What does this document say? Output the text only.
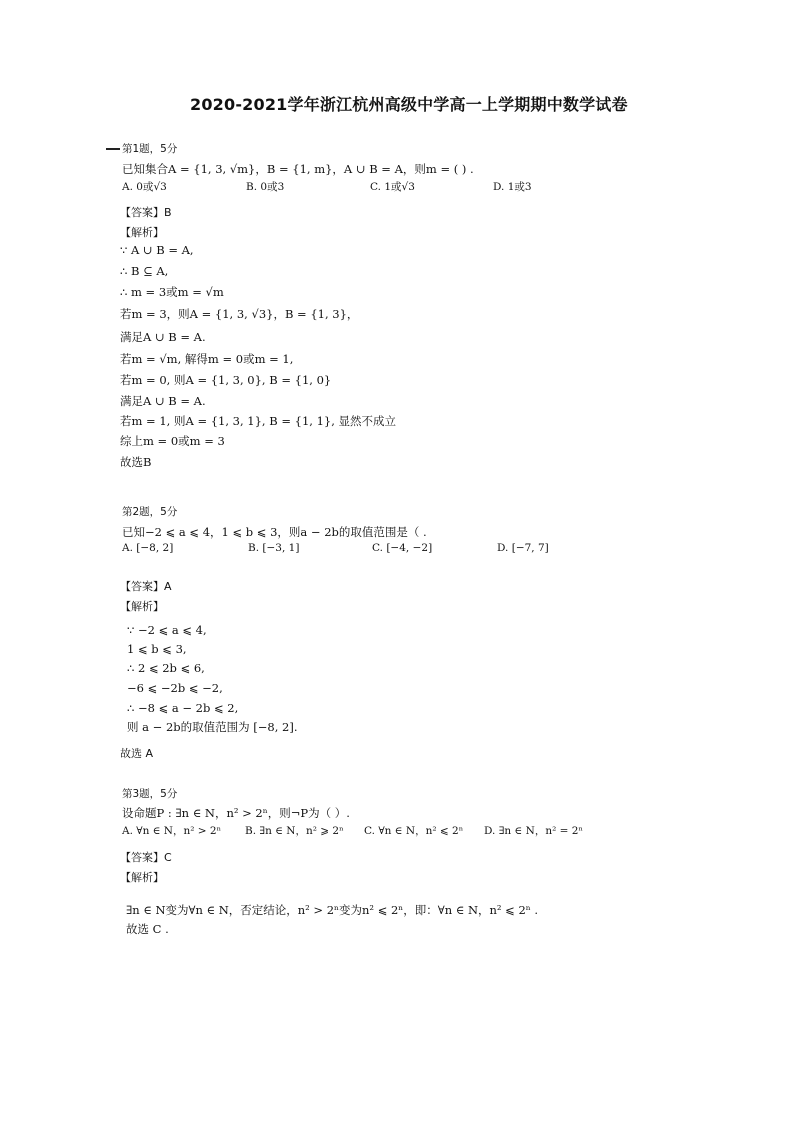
2020-2021学年浙江杭州高级中学高一上学期期中数学试卷
第1题，5分
已知集合A = {1, 3, √m}，B = {1, m}，A ∪ B = A，则m = ( ) .
A. 0或√3	B. 0或3	C. 1或√3	D. 1或3
【答案】B
【解析】
∵ A ∪ B = A,
∴ B ⊆ A,
∴ m = 3或m = √m
若m = 3，则A = {1, 3, √3}，B = {1, 3}，
满足A ∪ B = A.
若m = √m, 解得m = 0或m = 1,
若m = 0, 则A = {1, 3, 0}, B = {1, 0}
满足A ∪ B = A.
若m = 1, 则A = {1, 3, 1}, B = {1, 1}, 显然不成立
综上m = 0或m = 3
故选B
第2题，5分
已知−2 ⩽ a ⩽ 4，1 ⩽ b ⩽ 3，则a − 2b的取值范围是（ .
A. [−8, 2]	B. [−3, 1]	C. [−4, −2]	D. [−7, 7]
【答案】A
【解析】
∵ −2 ⩽ a ⩽ 4,
1 ⩽ b ⩽ 3,
∴ 2 ⩽ 2b ⩽ 6,
−6 ⩽ −2b ⩽ −2,
∴ −8 ⩽ a − 2b ⩽ 2,
则 a − 2b的取值范围为 [−8, 2].
故选 A
第3题，5分
设命题P : ∃n ∈ N，n² > 2ⁿ，则¬P为（ ）.
A. ∀n ∈ N，n² > 2ⁿ B. ∃n ∈ N，n² ⩾ 2ⁿ C. ∀n ∈ N，n² ⩽ 2ⁿ D. ∃n ∈ N，n² = 2ⁿ
【答案】C
【解析】
∃n ∈ N变为∀n ∈ N，否定结论，n² > 2ⁿ变为n² ⩽ 2ⁿ，即：∀n ∈ N，n² ⩽ 2ⁿ .
故选 C .
